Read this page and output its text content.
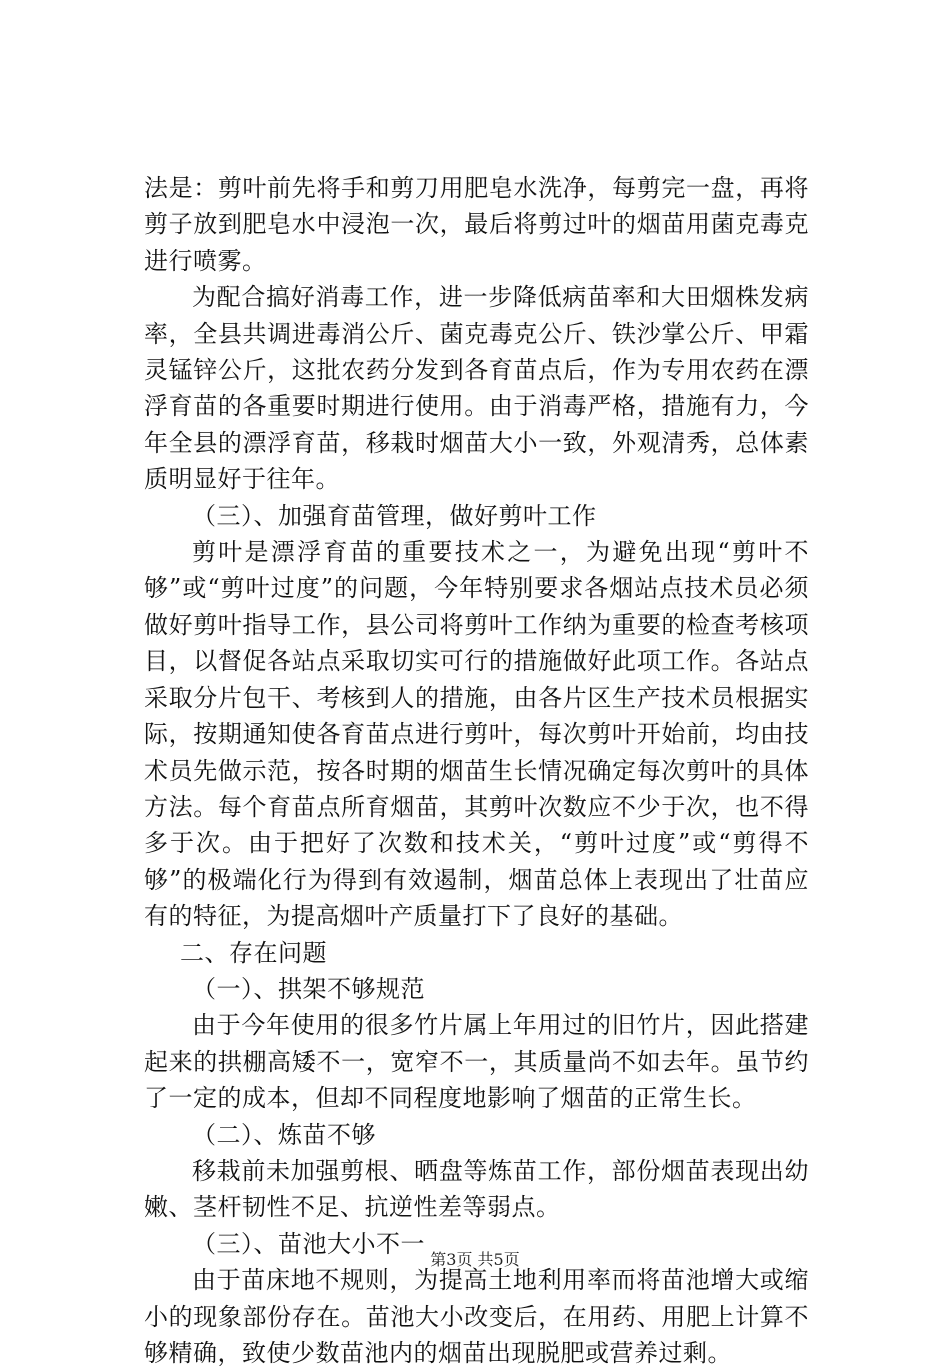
法是：剪叶前先将手和剪刀用肥皂水洗净，每剪完一盘，再将剪子放到肥皂水中浸泡一次，最后将剪过叶的烟苗用菌克毒克进行喷雾。

为配合搞好消毒工作，进一步降低病苗率和大田烟株发病率，全县共调进毒消公斤、菌克毒克公斤、铁沙掌公斤、甲霜灵锰锌公斤，这批农药分发到各育苗点后，作为专用农药在漂浮育苗的各重要时期进行使用。由于消毒严格，措施有力，今年全县的漂浮育苗，移栽时烟苗大小一致，外观清秀，总体素质明显好于往年。

（三）、加强育苗管理，做好剪叶工作

剪叶是漂浮育苗的重要技术之一，为避免出现“剪叶不够”或“剪叶过度”的问题，今年特别要求各烟站点技术员必须做好剪叶指导工作，县公司将剪叶工作纳为重要的检查考核项目，以督促各站点采取切实可行的措施做好此项工作。各站点采取分片包干、考核到人的措施，由各片区生产技术员根据实际，按期通知使各育苗点进行剪叶，每次剪叶开始前，均由技术员先做示范，按各时期的烟苗生长情况确定每次剪叶的具体方法。每个育苗点所育烟苗，其剪叶次数应不少于次，也不得多于次。由于把好了次数和技术关，“剪叶过度”或“剪得不够”的极端化行为得到有效遏制，烟苗总体上表现出了壮苗应有的特征，为提高烟叶产质量打下了良好的基础。

二、存在问题

（一）、拱架不够规范

由于今年使用的很多竹片属上年用过的旧竹片，因此搭建起来的拱棚高矮不一，宽窄不一，其质量尚不如去年。虽节约了一定的成本，但却不同程度地影响了烟苗的正常生长。

（二）、炼苗不够

移栽前未加强剪根、晒盘等炼苗工作，部份烟苗表现出幼嫩、茎杆韧性不足、抗逆性差等弱点。

（三）、苗池大小不一

由于苗床地不规则，为提高土地利用率而将苗池增大或缩小的现象部份存在。苗池大小改变后，在用药、用肥上计算不够精确，致使少数苗池内的烟苗出现脱肥或营养过剩。

第3页 共5页
